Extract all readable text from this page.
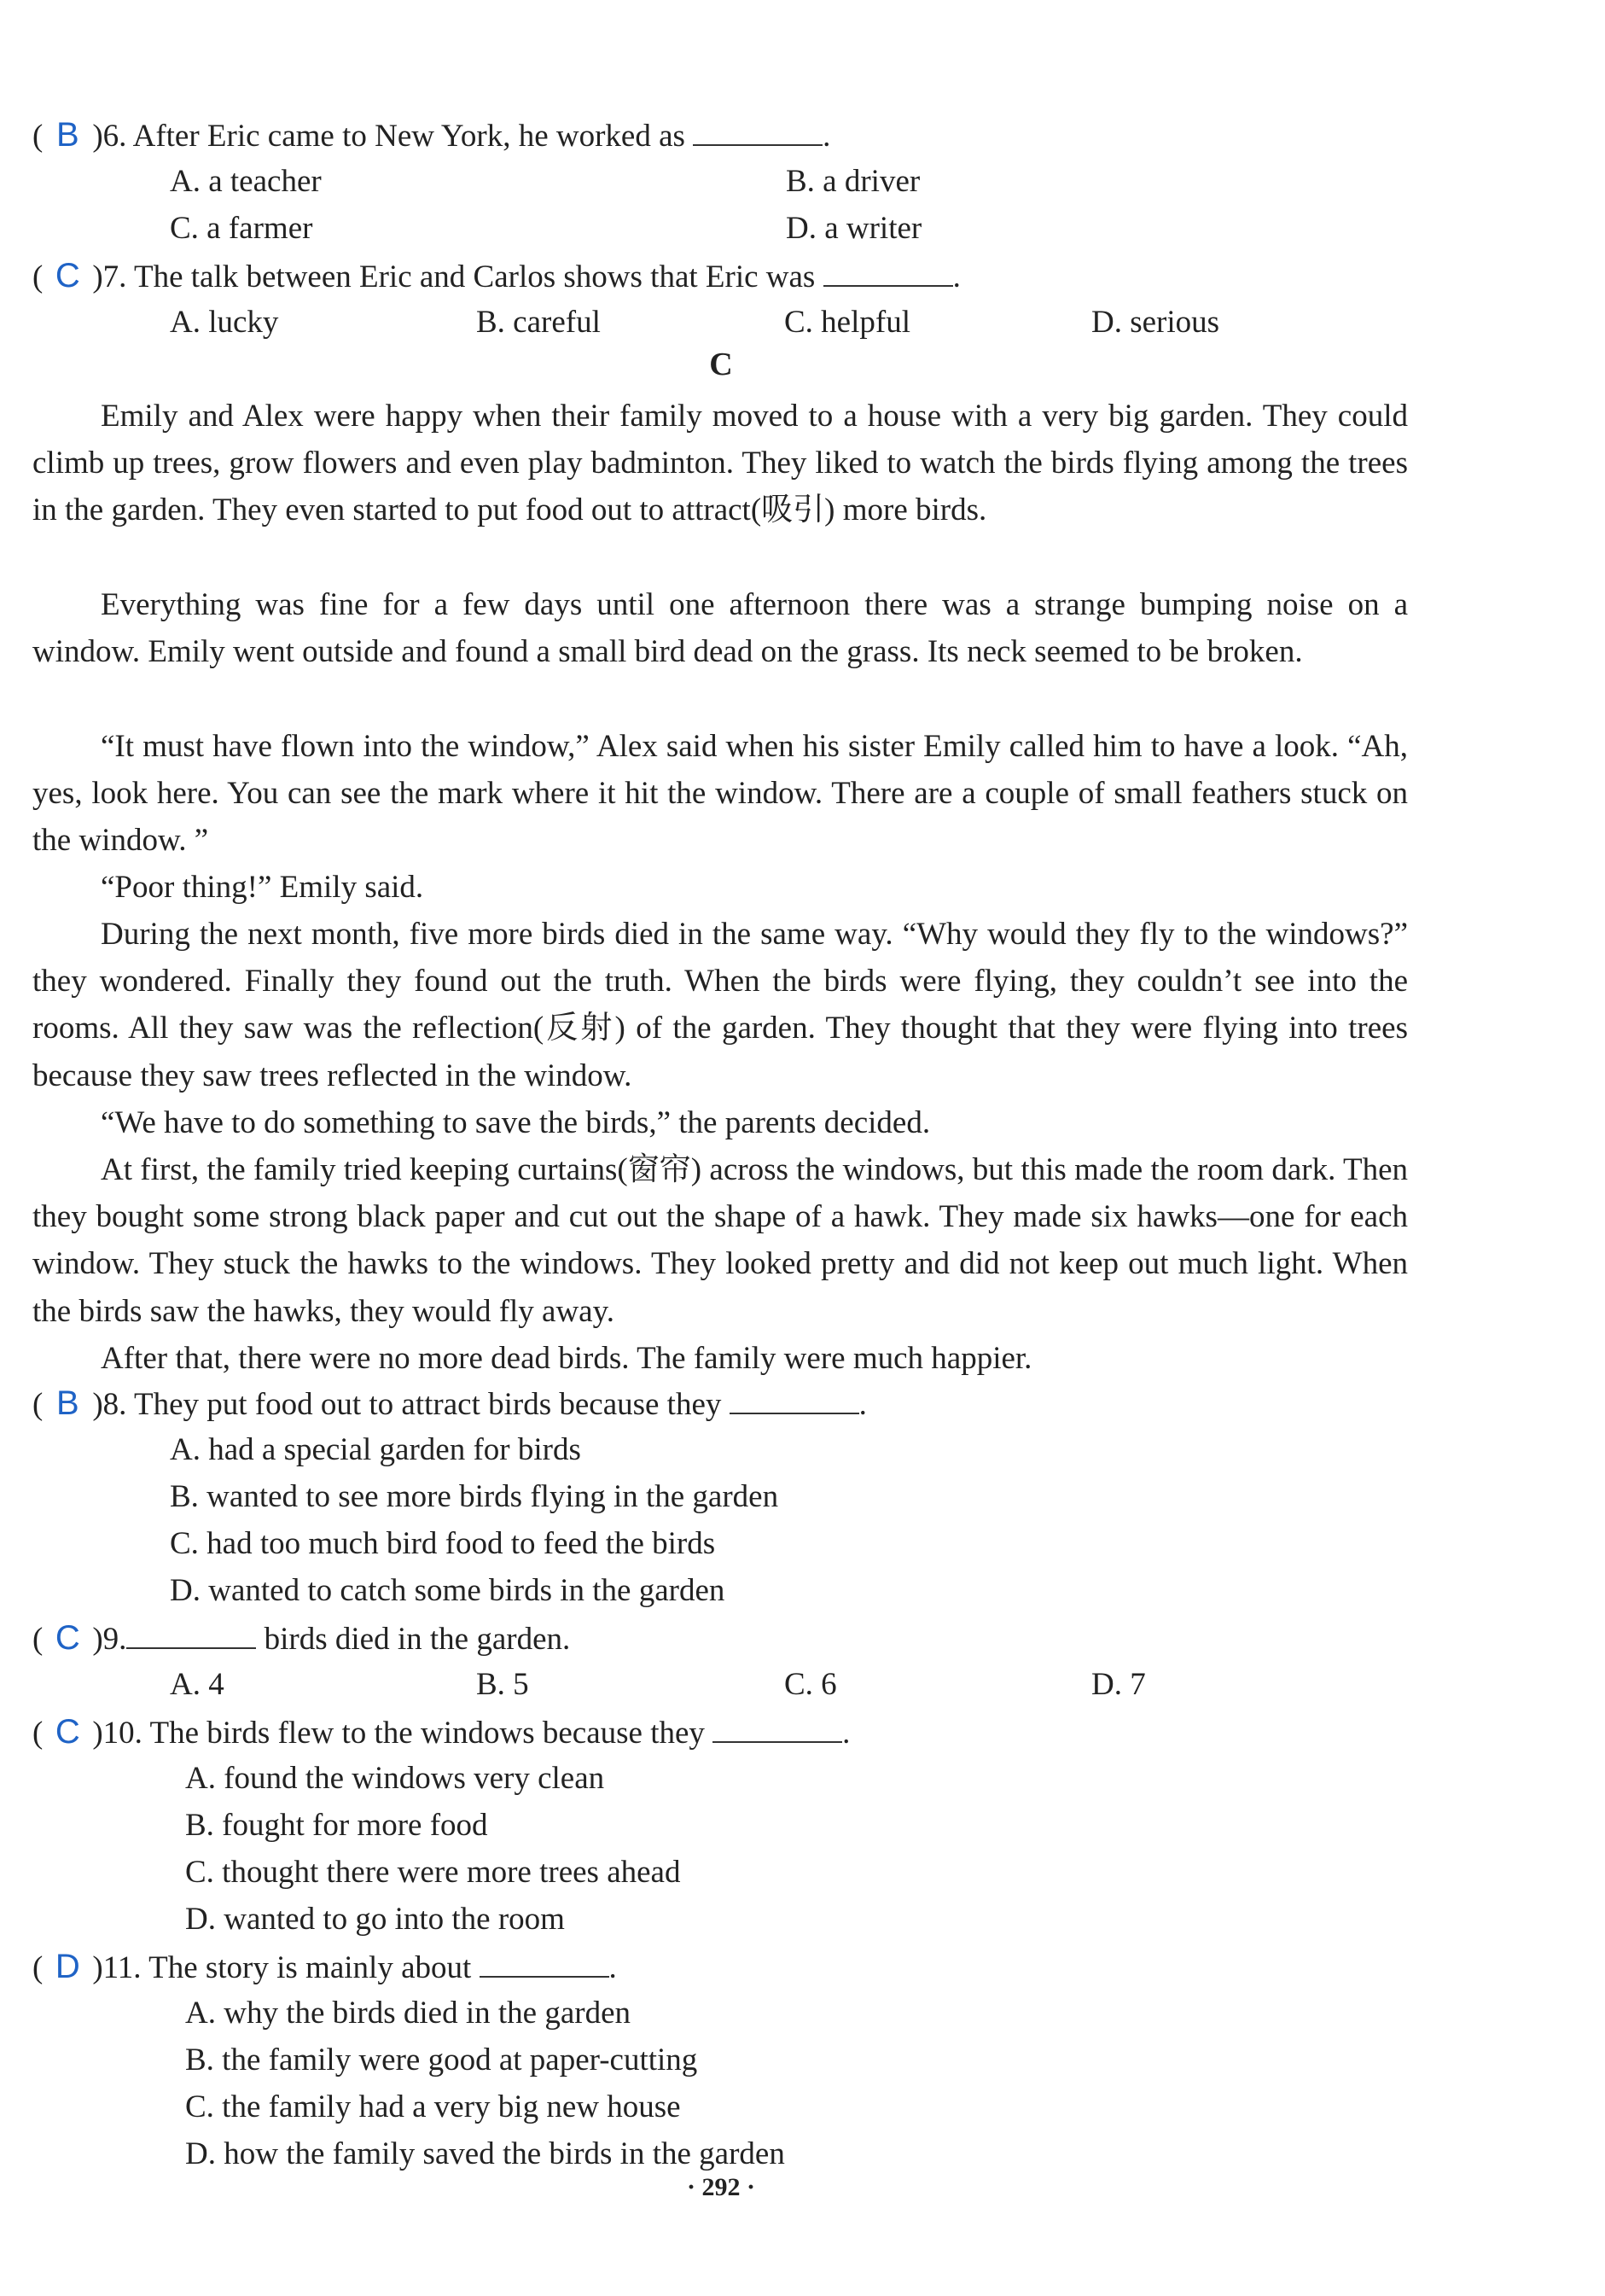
( B )6. After Eric came to New York, he worked as	.
A. a teacher	B. a driver
C. a farmer	D. a writer
( C )7. The talk between Eric and Carlos shows that Eric was	.
A. lucky	B. careful	C. helpful	D. serious
C
Emily and Alex were happy when their family moved to a house with a very big garden. They could climb up trees, grow flowers and even play badminton. They liked to watch the birds flying among the trees in the garden. They even started to put food out to attract(吸引) more birds.
Everything was fine for a few days until one afternoon there was a strange bumping noise on a window. Emily went outside and found a small bird dead on the grass. Its neck seemed to be broken.
“It must have flown into the window,” Alex said when his sister Emily called him to have a look. “Ah, yes, look here. You can see the mark where it hit the window. There are a couple of small feathers stuck on the window. ”
“Poor thing!” Emily said.
During the next month, five more birds died in the same way. “Why would they fly to the windows?” they wondered. Finally they found out the truth. When the birds were flying, they couldn’t see into the rooms. All they saw was the reflection(反射) of the garden. They thought that they were flying into trees because they saw trees reflected in the window.
“We have to do something to save the birds,” the parents decided.
At first, the family tried keeping curtains(窗帘) across the windows, but this made the room dark. Then they bought some strong black paper and cut out the shape of a hawk. They made six hawks—one for each window. They stuck the hawks to the windows. They looked pretty and did not keep out much light. When the birds saw the hawks, they would fly away.
After that, there were no more dead birds. The family were much happier.
( B )8. They put food out to attract birds because they	.
A. had a special garden for birds
B. wanted to see more birds flying in the garden
C. had too much bird food to feed the birds
D. wanted to catch some birds in the garden
( C )9.	birds died in the garden.
A. 4	B. 5	C. 6	D. 7
( C )10. The birds flew to the windows because they	.
A. found the windows very clean
B. fought for more food
C. thought there were more trees ahead
D. wanted to go into the room
( D )11. The story is mainly about	.
A. why the birds died in the garden
B. the family were good at paper-cutting
C. the family had a very big new house
D. how the family saved the birds in the garden
· 292 ·
